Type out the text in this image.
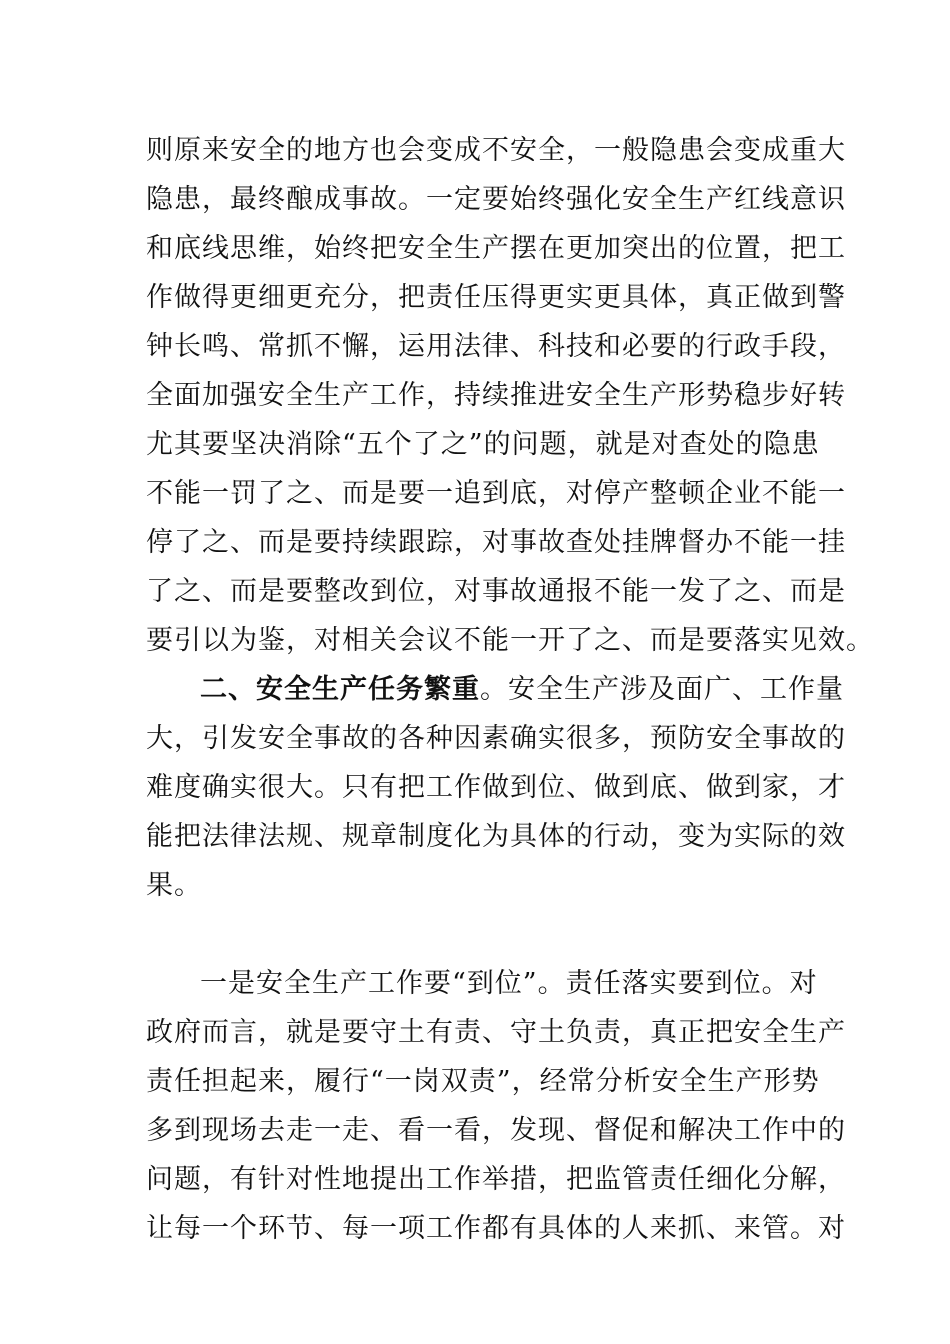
则原来安全的地方也会变成不安全，一般隐患会变成重大
隐患，最终酿成事故。一定要始终强化安全生产红线意识
和底线思维，始终把安全生产摆在更加突出的位置，把工
作做得更细更充分，把责任压得更实更具体，真正做到警
钟长鸣、常抓不懈，运用法律、科技和必要的行政手段，
全面加强安全生产工作，持续推进安全生产形势稳步好转
尤其要坚决消除“五个了之”的问题，就是对查处的隐患
不能一罚了之、而是要一追到底，对停产整顿企业不能一
停了之、而是要持续跟踪，对事故查处挂牌督办不能一挂
了之、而是要整改到位，对事故通报不能一发了之、而是
要引以为鉴，对相关会议不能一开了之、而是要落实见效。
二、安全生产任务繁重。安全生产涉及面广、工作量
大，引发安全事故的各种因素确实很多，预防安全事故的
难度确实很大。只有把工作做到位、做到底、做到家，才
能把法律法规、规章制度化为具体的行动，变为实际的效
果。
一是安全生产工作要“到位”。责任落实要到位。对
政府而言，就是要守土有责、守土负责，真正把安全生产
责任担起来，履行“一岗双责”，经常分析安全生产形势
多到现场去走一走、看一看，发现、督促和解决工作中的
问题，有针对性地提出工作举措，把监管责任细化分解，
让每一个环节、每一项工作都有具体的人来抓、来管。对
